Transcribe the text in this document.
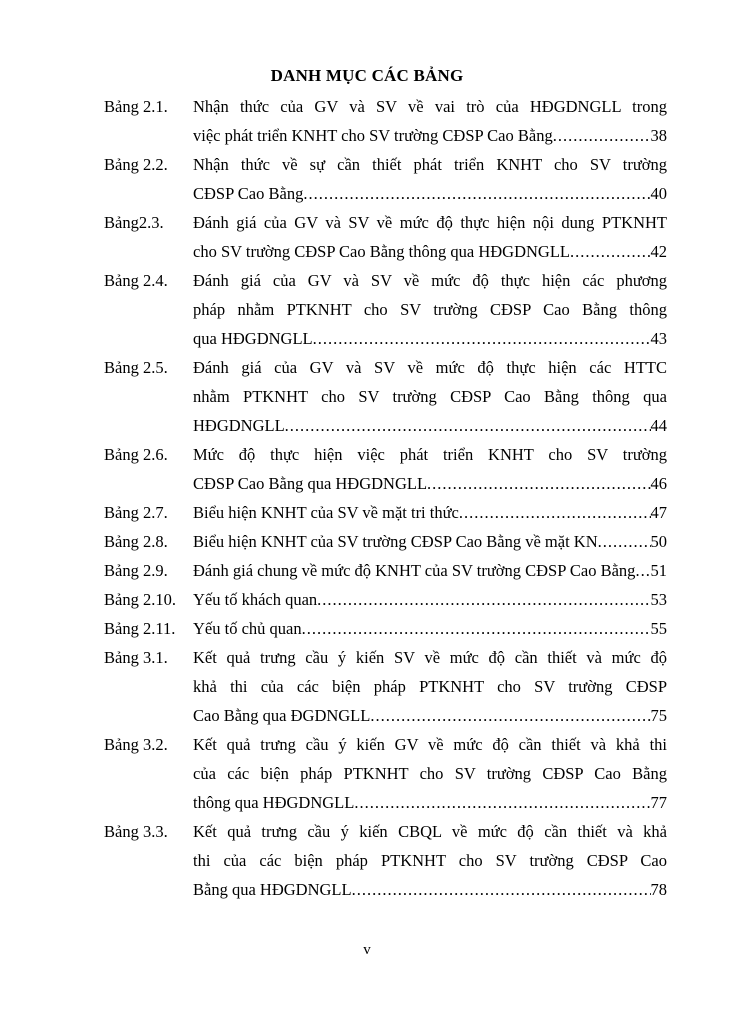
DANH MỤC CÁC BẢNG
Bảng 2.1. Nhận thức của GV và SV về vai trò của HĐGDNGLL trong
việc phát triển KNHT cho SV trường CĐSP Cao Bằng .....	38
Bảng 2.2. Nhận thức về sự cần thiết phát triển KNHT cho SV trường
CĐSP Cao Bằng .....	40
Bảng2.3. Đánh giá của GV và SV về mức độ thực hiện nội dung PTKNHT
cho SV trường CĐSP Cao Bằng thông qua HĐGDNGLL .....	42
Bảng 2.4. Đánh giá của GV và SV về mức độ thực hiện các phương
pháp nhằm PTKNHT cho SV trường CĐSP Cao Bằng thông
qua HĐGDNGLL .....	43
Bảng 2.5. Đánh giá của GV và SV về mức độ thực hiện các HTTC
nhằm PTKNHT cho SV trường CĐSP Cao Bằng thông qua
HĐGDNGLL .....	44
Bảng 2.6. Mức độ thực hiện việc phát triển KNHT cho SV trường
CĐSP Cao Bằng qua HĐGDNGLL .....	46
Bảng 2.7. Biểu hiện KNHT của SV về mặt tri thức .....	47
Bảng 2.8. Biểu hiện KNHT của SV trường CĐSP Cao Bằng về mặt KN .....	50
Bảng 2.9. Đánh giá chung về mức độ KNHT của SV trường CĐSP Cao Bằng ..... 51
Bảng 2.10. Yếu tố khách quan .....	53
Bảng 2.11. Yếu tố chủ quan .....	55
Bảng 3.1. Kết quả trưng cầu ý kiến SV về mức độ cần thiết và mức độ
khả thi của các biện pháp PTKNHT cho SV trường CĐSP
Cao Bằng qua ĐGDNGLL .....	75
Bảng 3.2. Kết quả trưng cầu ý kiến GV về mức độ cần thiết và khả thi
của các biện pháp PTKNHT cho SV trường CĐSP Cao Bằng
thông qua HĐGDNGLL .....	77
Bảng 3.3. Kết quả trưng cầu ý kiến CBQL về mức độ cần thiết và khả
thi của các biện pháp PTKNHT cho SV trường CĐSP Cao
Bằng qua HĐGDNGLL .....	78
v
